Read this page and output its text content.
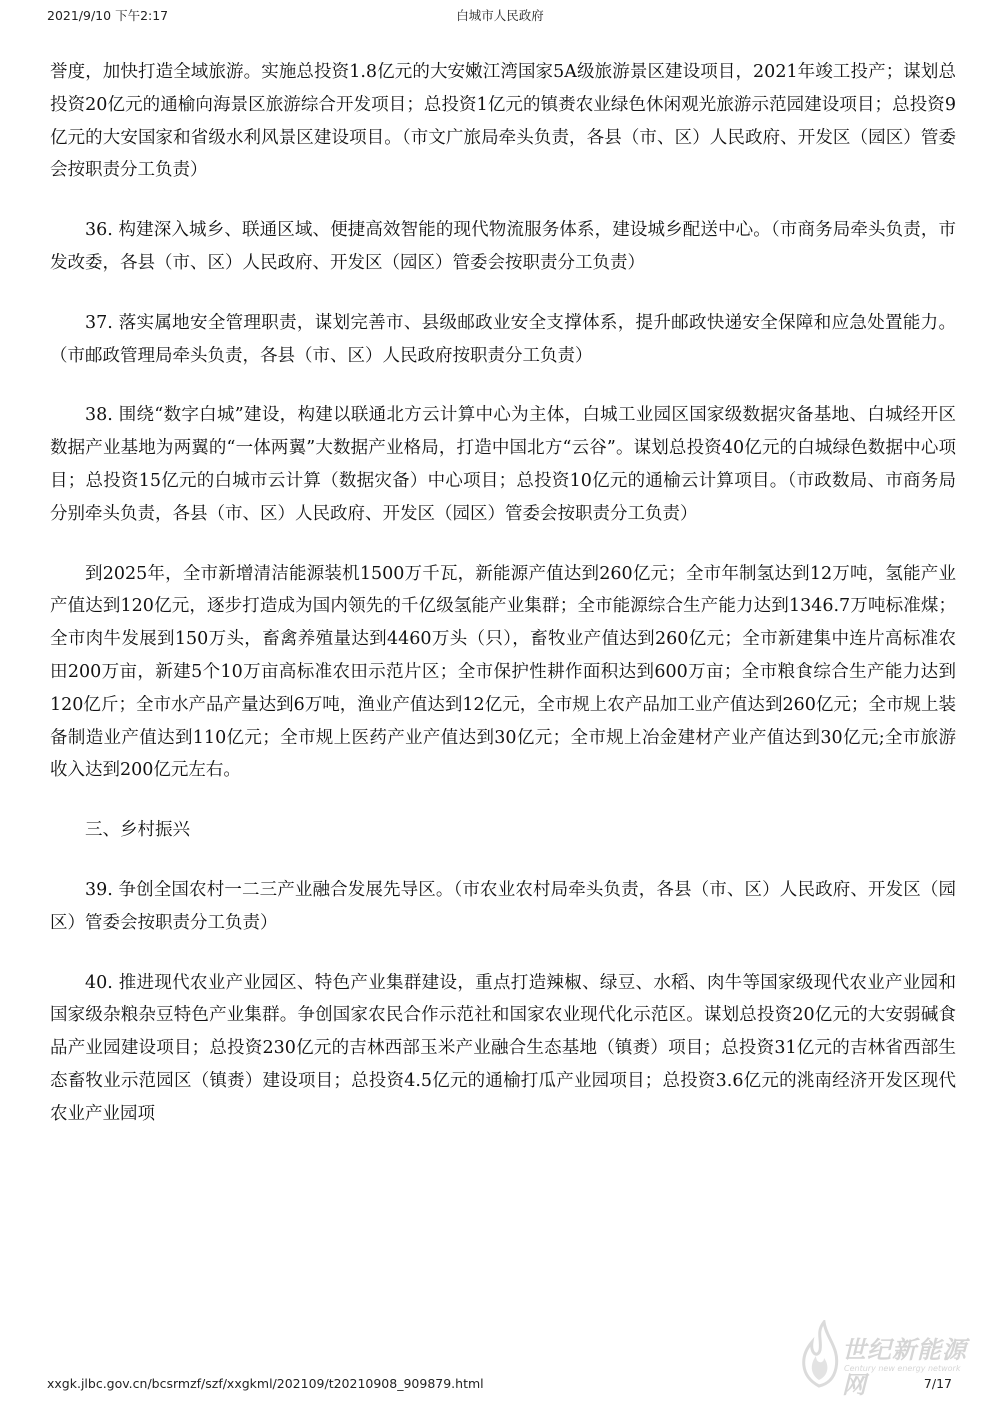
2021/9/10 下午2:17	白城市人民政府

誉度，加快打造全域旅游。实施总投资1.8亿元的大安嫩江湾国家5A级旅游景区建设项目，2021年竣工投产；谋划总投资20亿元的通榆向海景区旅游综合开发项目；总投资1亿元的镇赉农业绿色休闲观光旅游示范园建设项目；总投资9亿元的大安国家和省级水利风景区建设项目。（市文广旅局牵头负责，各县（市、区）人民政府、开发区（园区）管委会按职责分工负责）

36. 构建深入城乡、联通区域、便捷高效智能的现代物流服务体系，建设城乡配送中心。（市商务局牵头负责，市发改委，各县（市、区）人民政府、开发区（园区）管委会按职责分工负责）

37. 落实属地安全管理职责，谋划完善市、县级邮政业安全支撑体系，提升邮政快递安全保障和应急处置能力。（市邮政管理局牵头负责，各县（市、区）人民政府按职责分工负责）

38. 围绕“数字白城”建设，构建以联通北方云计算中心为主体，白城工业园区国家级数据灾备基地、白城经开区数据产业基地为两翼的“一体两翼”大数据产业格局，打造中国北方“云谷”。谋划总投资40亿元的白城绿色数据中心项目；总投资15亿元的白城市云计算（数据灾备）中心项目；总投资10亿元的通榆云计算项目。（市政数局、市商务局分别牵头负责，各县（市、区）人民政府、开发区（园区）管委会按职责分工负责）

到2025年，全市新增清洁能源装机1500万千瓦，新能源产值达到260亿元；全市年制氢达到12万吨，氢能产业产值达到120亿元，逐步打造成为国内领先的千亿级氢能产业集群；全市能源综合生产能力达到1346.7万吨标准煤；全市肉牛发展到150万头，畜禽养殖量达到4460万头（只），畜牧业产值达到260亿元；全市新建集中连片高标准农田200万亩，新建5个10万亩高标准农田示范片区；全市保护性耕作面积达到600万亩；全市粮食综合生产能力达到120亿斤；全市水产品产量达到6万吨，渔业产值达到12亿元，全市规上农产品加工业产值达到260亿元；全市规上装备制造业产值达到110亿元；全市规上医药产业产值达到30亿元；全市规上冶金建材产业产值达到30亿元;全市旅游收入达到200亿元左右。

三、乡村振兴

39. 争创全国农村一二三产业融合发展先导区。（市农业农村局牵头负责，各县（市、区）人民政府、开发区（园区）管委会按职责分工负责）

40. 推进现代农业产业园区、特色产业集群建设，重点打造辣椒、绿豆、水稻、肉牛等国家级现代农业产业园和国家级杂粮杂豆特色产业集群。争创国家农民合作示范社和国家农业现代化示范区。谋划总投资20亿元的大安弱碱食品产业园建设项目；总投资230亿元的吉林西部玉米产业融合生态基地（镇赉）项目；总投资31亿元的吉林省西部生态畜牧业示范园区（镇赉）建设项目；总投资4.5亿元的通榆打瓜产业园项目；总投资3.6亿元的洮南经济开发区现代农业产业园项

世纪新能源网
Century new energy network
xxgk.jlbc.gov.cn/bcsrmzf/szf/xxgkml/202109/t20210908_909879.html	7/17
